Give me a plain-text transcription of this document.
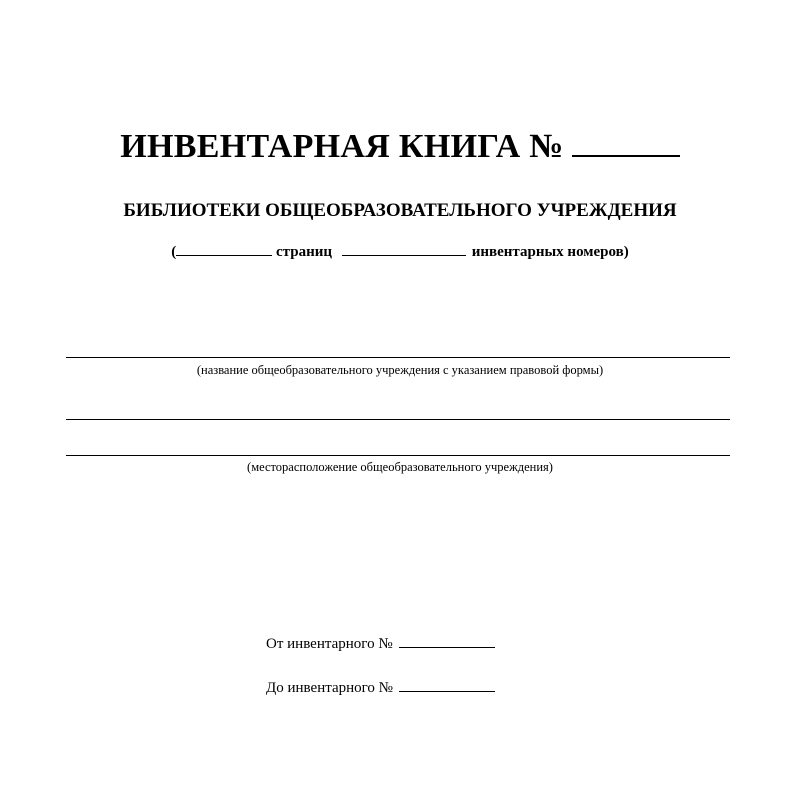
ИНВЕНТАРНАЯ КНИГА №
БИБЛИОТЕКИ ОБЩЕОБРАЗОВАТЕЛЬНОГО УЧРЕЖДЕНИЯ
(	страниц	инвентарных номеров)
(название общеобразовательного учреждения с указанием правовой формы)
(месторасположение общеобразовательного учреждения)
От инвентарного №
До инвентарного №
